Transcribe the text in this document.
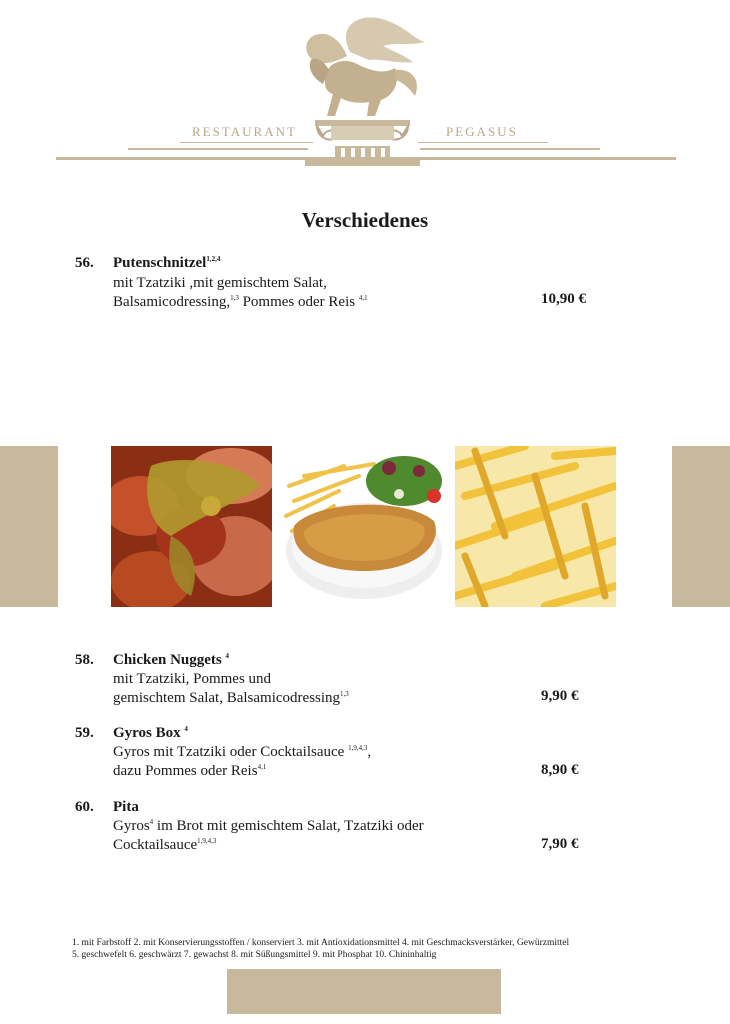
RESTAURANT	PEGASUS
Verschiedenes
56. Putenschnitzel$^{1,2,4}$
mit Tzatziki ,mit gemischtem Salat,
Balsamicodressing,$^{1,3}$ Pommes oder Reis $^{4,1}$	10,90 €
58. Chicken Nuggets $^4$
mit Tzatziki, Pommes und
gemischtem Salat, Balsamicodressing$^{1,3}$	9,90 €
59. Gyros Box $^4$
Gyros mit Tzatziki oder Cocktailsauce $^{1,9,4,3}$,
dazu Pommes oder Reis$^{4,1}$	8,90 €
60. Pita
Gyros$^4$ im Brot mit gemischtem Salat, Tzatziki oder
Cocktailsauce$^{1,9,4,3}$	7,90 €
1. mit Farbstoff 2. mit Konservierungsstoffen / konserviert 3. mit Antioxidationsmittel 4. mit Geschmacksverstärker, Gewürzmittel
5. geschwefelt 6. geschwärzt 7. gewachst 8. mit Süßungsmittel 9. mit Phosphat 10. Chininhaltig
